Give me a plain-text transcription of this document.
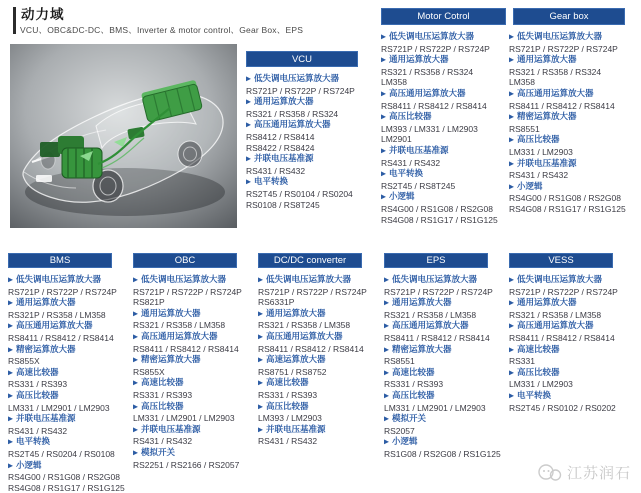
动力域
VCU、OBC&DC-DC、BMS、Inverter & motor control、Gear Box、EPS
VCU
▶ 低失调电压运算放大器
RS721P / RS722P / RS724P
▶ 通用运算放大器
RS321 / RS358 / RS324
▶ 高压通用运算放大器
RS8412 / RS8414
RS8422 / RS8424
▶ 并联电压基准源
RS431 / RS432
▶ 电平转换
RS2T45 / RS0104 / RS0204
RS0108 / RS8T245
Motor Cotrol
▶ 低失调电压运算放大器
RS721P / RS722P / RS724P
▶ 通用运算放大器
RS321 / RS358 / RS324
LM358
▶ 高压通用运算放大器
RS8411 / RS8412 / RS8414
▶ 高压比较器
LM393 / LM331 / LM2903
LM2901
▶ 并联电压基准源
RS431 / RS432
▶ 电平转换
RS2T45 / RS8T245
▶ 小逻辑
RS4G00 / RS1G08 / RS2G08
RS4G08 / RS1G17 / RS1G125
Gear box
▶ 低失调电压运算放大器
RS721P / RS722P / RS724P
▶ 通用运算放大器
RS321 / RS358 / RS324
LM358
▶ 高压通用运算放大器
RS8411 / RS8412 / RS8414
▶ 精密运算放大器
RS8551
▶ 高压比较器
LM331 / LM2903
▶ 并联电压基准源
RS431 / RS432
▶ 小逻辑
RS4G00 / RS1G08 / RS2G08
RS4G08 / RS1G17 / RS1G125
BMS
▶ 低失调电压运算放大器
RS721P / RS722P / RS724P
▶ 通用运算放大器
RS321P / RS358 / LM358
▶ 高压通用运算放大器
RS8411 / RS8412 / RS8414
▶ 精密运算放大器
RS855X
▶ 高速比较器
RS331 / RS393
▶ 高压比较器
LM331 / LM2901 / LM2903
▶ 并联电压基准源
RS431 / RS432
▶ 电平转换
RS2T45 / RS0204 / RS0108
▶ 小逻辑
RS4G00 / RS1G08 / RS2G08
RS4G08 / RS1G17 / RS1G125
OBC
▶ 低失调电压运算放大器
RS721P / RS722P / RS724P
RS821P
▶ 通用运算放大器
RS321 / RS358 / LM358
▶ 高压通用运算放大器
RS8411 / RS8412 / RS8414
▶ 精密运算放大器
RS855X
▶ 高速比较器
RS331 / RS393
▶ 高压比较器
LM331 / LM2901 / LM2903
▶ 并联电压基准源
RS431 / RS432
▶ 模拟开关
RS2251 / RS2166 / RS2057
DC/DC converter
▶ 低失调电压运算放大器
RS721P / RS722P / RS724P
RS6331P
▶ 通用运算放大器
RS321 / RS358 / LM358
▶ 高压通用运算放大器
RS8411 / RS8412 / RS8414
▶ 高速运算放大器
RS8751 / RS8752
▶ 高速比较器
RS331 / RS393
▶ 高压比较器
LM393 / LM2903
▶ 并联电压基准源
RS431 / RS432
EPS
▶ 低失调电压运算放大器
RS721P / RS722P / RS724P
▶ 通用运算放大器
RS321 / RS358 / LM358
▶ 高压通用运算放大器
RS8411 / RS8412 / RS8414
▶ 精密运算放大器
RS8551
▶ 高速比较器
RS331 / RS393
▶ 高压比较器
LM331 / LM2901 / LM2903
▶ 模拟开关
RS2057
▶ 小逻辑
RS1G08 / RS2G08 / RS1G125
VESS
▶ 低失调电压运算放大器
RS721P / RS722P / RS724P
▶ 通用运算放大器
RS321 / RS358 / LM358
▶ 高压通用运算放大器
RS8411 / RS8412 / RS8414
▶ 高速比较器
RS331
▶ 高压比较器
LM331 / LM2903
▶ 电平转换
RS2T45 / RS0102 / RS0202
江苏润石
